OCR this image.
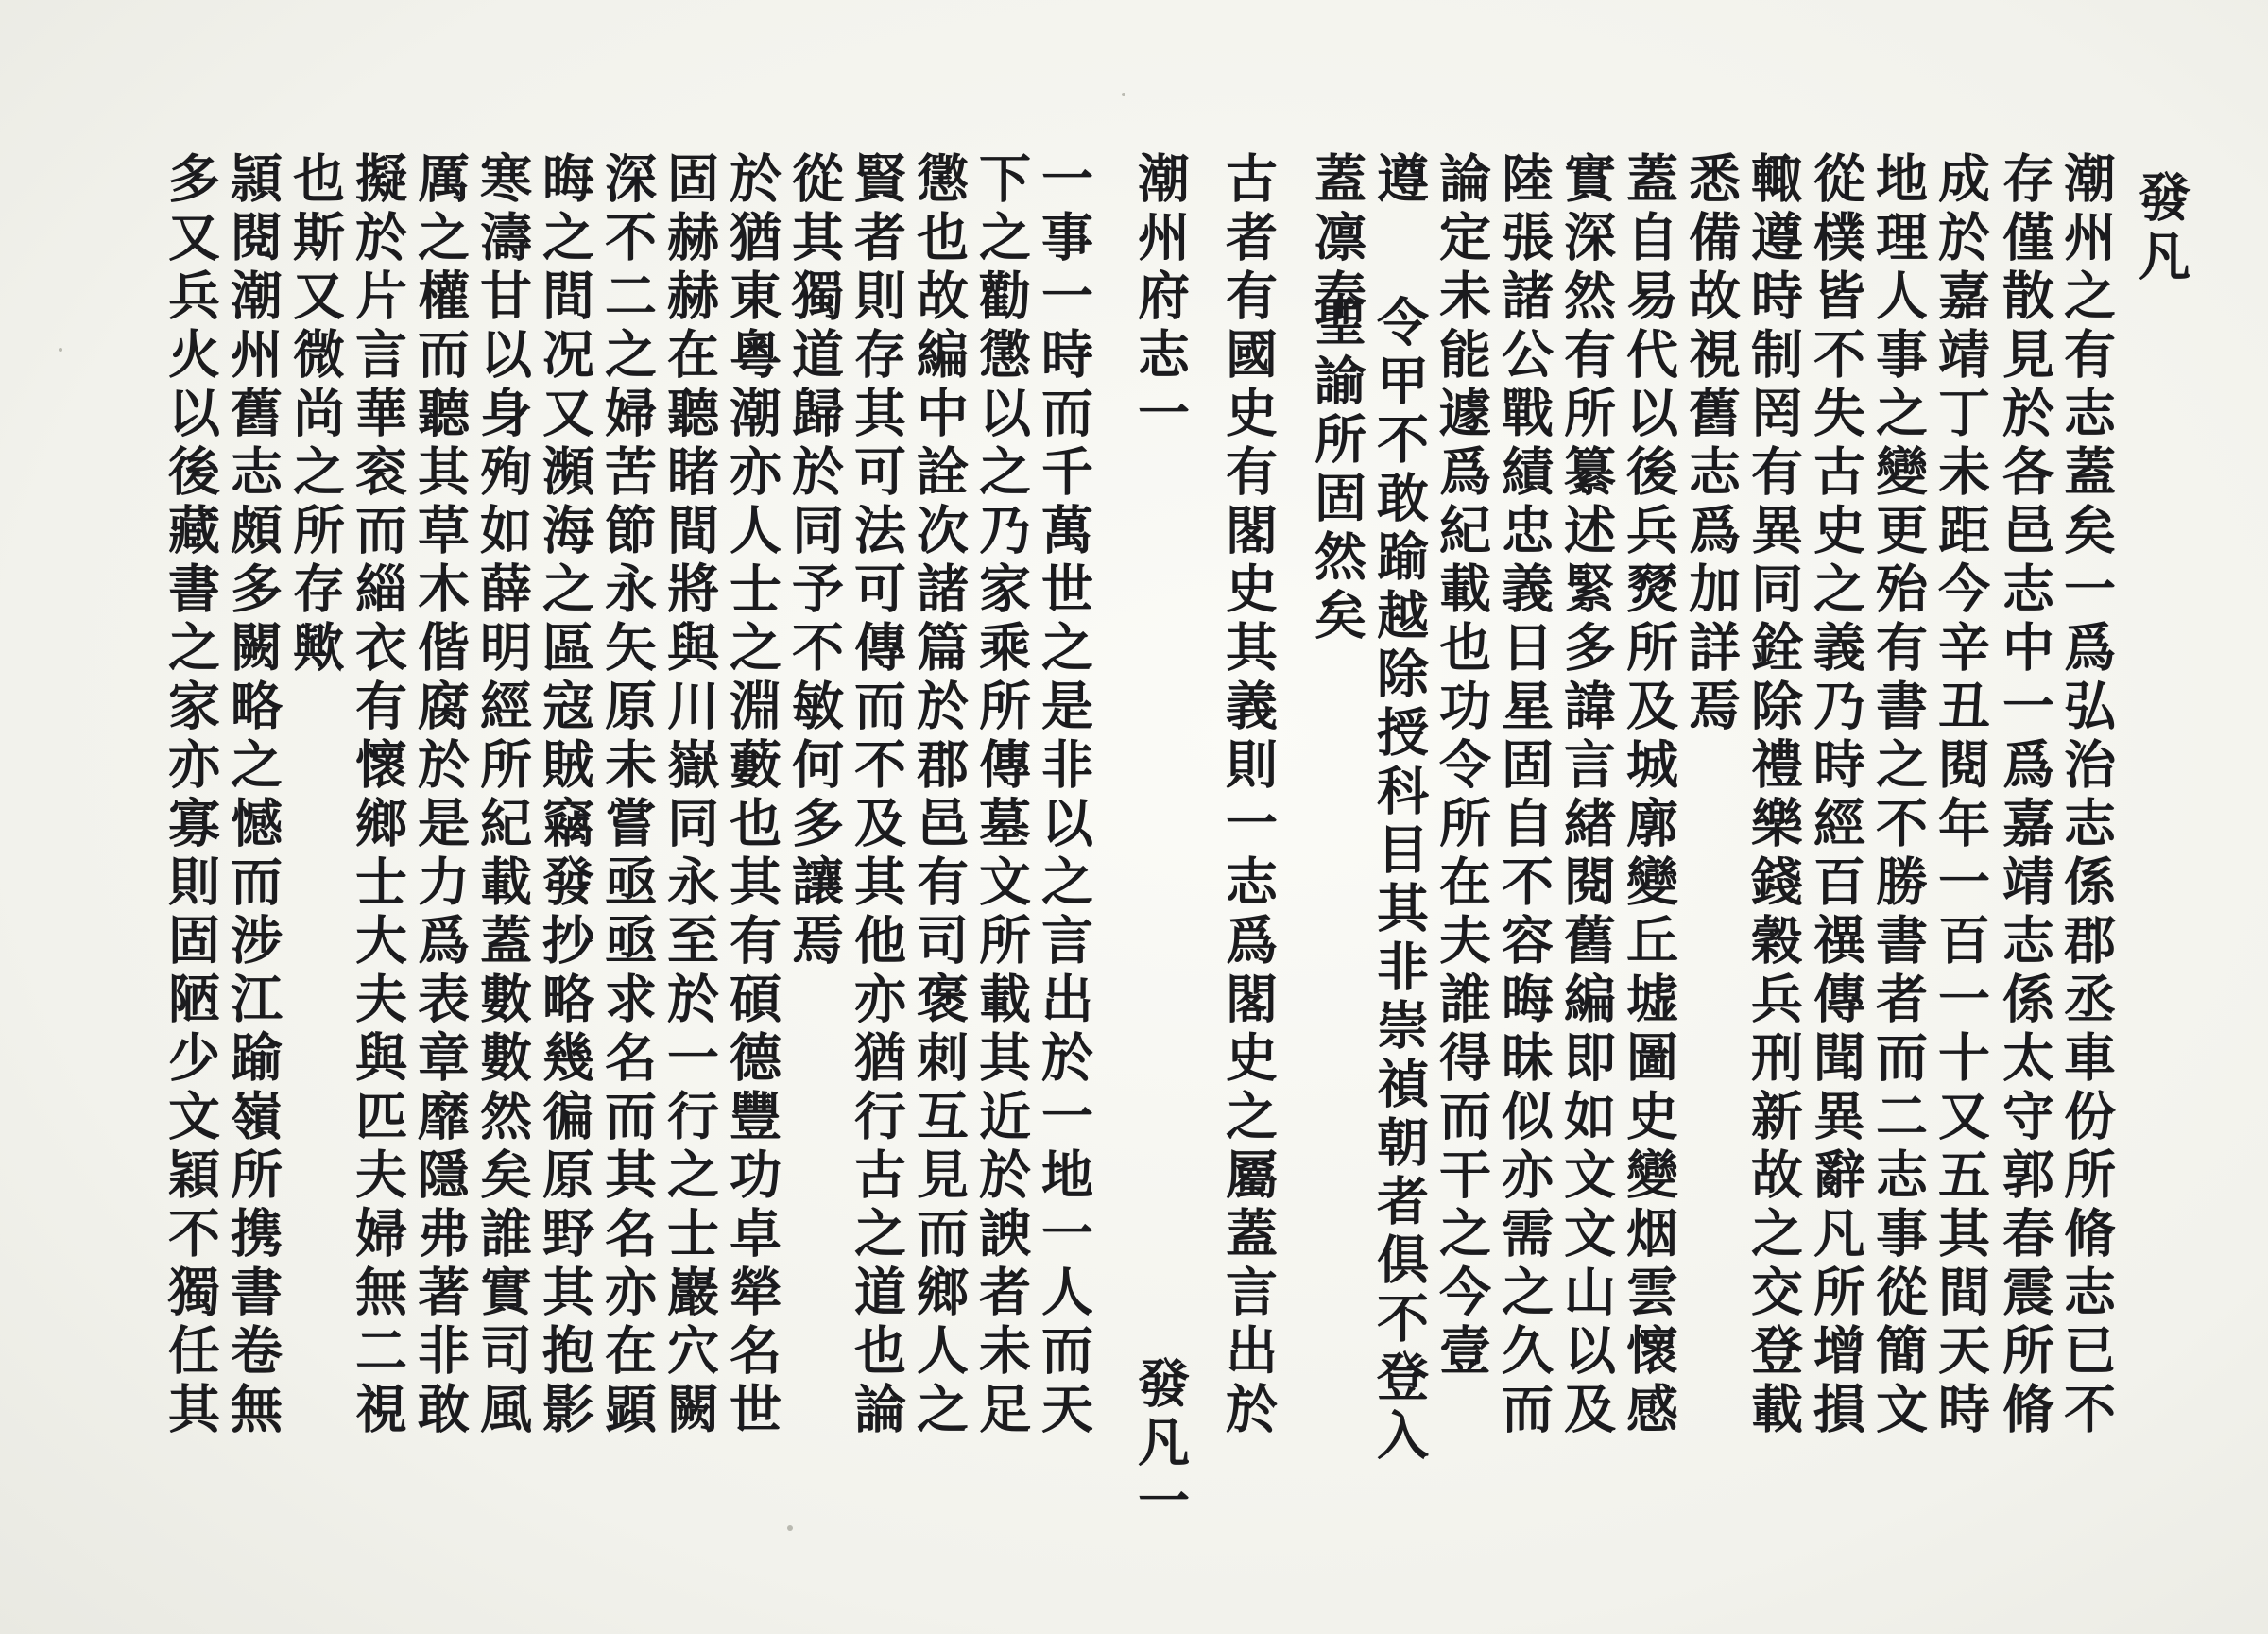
發凡
潮州之有志蓋矣一爲弘治志係郡丞車份所脩志已不
存僅散見於各邑志中一爲嘉靖志係太守郭春震所脩
成於嘉靖丁未距今辛丑閱年一百一十又五其間天時
地理人事之變更殆有書之不勝書者而二志事從簡文
從樸皆不失古史之義乃時經百禩傳聞異辭凡所增損
輙遵時制罔有異同銓除禮樂錢穀兵刑新故之交登載
悉備故視舊志爲加詳焉
蓋自易代以後兵燹所及城廓變丘墟圖史變烟雲懷感
實深然有所纂述緊多諱言緖閱舊編即如文文山以及
陸張諸公戰績忠義日星固自不容晦昧似亦需之久而
論定未能遽爲紀載也功令所在夫誰得而干之今壹
遵
令甲不敢踰越除授科目其非崇禎朝者俱不登入
蓋凛奉
聖諭所固然矣
古者有國史有閣史其義則一志爲閣史之屬蓋言出於
潮州府志一
發凡一
一事一時而千萬世之是非以之言出於一地一人而天
下之勸懲以之乃家乘所傳墓文所載其近於諛者未足
懲也故編中詮次諸篇於郡邑有司褒刺互見而鄉人之
賢者則存其可法可傳而不及其他亦猶行古之道也論
從其獨道歸於同予不敏何多讓焉
於猶東粵潮亦人士之淵藪也其有碩德豐功卓犖名世
固赫赫在聽睹間將與川嶽同永至於一行之士巖穴闕
深不二之婦苦節永矢原未嘗亟亟求名而其名亦在顕
晦之間况又瀕海之區寇賊竊發抄略幾徧原野其抱影
寒濤甘以身殉如薛明經所紀載蓋數數然矣誰實司風
厲之權而聽其草木偕腐於是力爲表章靡隱弗著非敢
擬於片言華衮而緇衣有懷鄉士大夫與匹夫婦無二視
也斯又微尚之所存歟
頴閱潮州舊志頗多闕略之憾而涉江踰嶺所携書卷無
多又兵火以後藏書之家亦寡則固陋少文穎不獨任其
